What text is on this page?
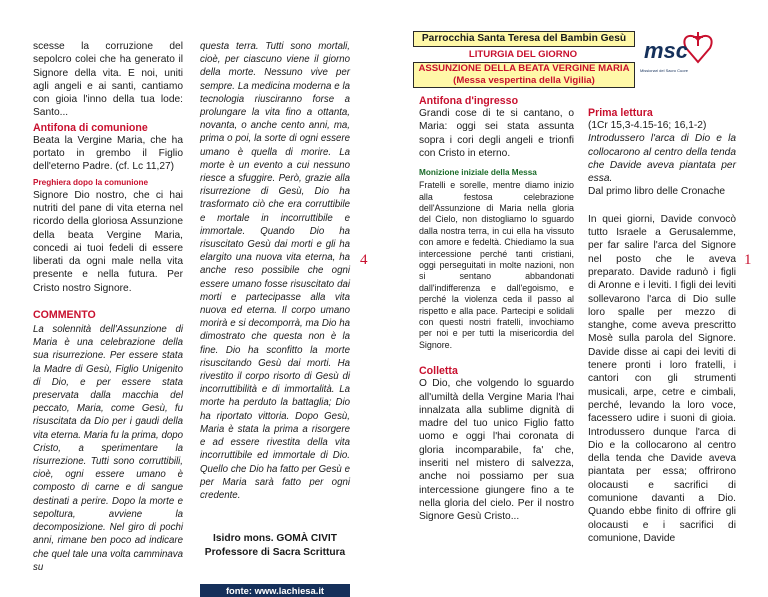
scesse la corruzione del sepolcro colei che ha generato il Signore della vita. E noi, uniti agli angeli e ai santi, cantiamo con gioia l'inno della tua lode: Santo...

Antifona di comunione

Beata la Vergine Maria, che ha portato in grembo il Figlio dell'eterno Padre. (cf. Lc 11,27)

Preghiera dopo la comunione

Signore Dio nostro, che ci hai nutriti del pane di vita eterna nel ricordo della gloriosa Assunzione della beata Vergine Maria, concedi ai tuoi fedeli di essere liberati da ogni male nella vita presente e nella futura. Per Cristo nostro Signore.

COMMENTO

La solennità dell'Assunzione di Maria è una celebrazione della sua risurrezione. Per essere stata la Madre di Gesù, Figlio Unigenito di Dio, e per essere stata preservata dalla macchia del peccato, Maria, come Gesù, fu risuscitata da Dio per i gaudi della vita eterna. Maria fu la prima, dopo Cristo, a sperimentare la risurrezione. Tutti sono corruttibili, cioè, ogni essere umano è composto di carne e di sangue destinati a perire. Dopo la morte e sepoltura, avviene la decomposizione. Nel giro di pochi anni, rimane ben poco ad indicare che quel tale una volta camminava su

questa terra. Tutti sono mortali, cioè, per ciascuno viene il giorno della morte. Nessuno vive per sempre. La medicina moderna e la tecnologia riusciranno forse a prolungare la vita fino a ottanta, novanta, o anche cento anni, ma, prima o poi, la sorte di ogni essere umano è quella di morire. La morte è un evento a cui nessuno riesce a sfuggire. Però, grazie alla risurrezione di Gesù, Dio ha trasformato ciò che era corruttibile e mortale in incorruttibile e immortale. Quando Dio ha risuscitato Gesù dai morti e gli ha elargito una nuova vita eterna, ha anche reso possibile che ogni essere umano fosse risuscitato dai morti e partecipasse alla vita nuova ed eterna. Il corpo umano morirà e si decomporrà, ma Dio ha dimostrato che questa non è la fine. Dio ha sconfitto la morte risuscitando Gesù dai morti. Ha rivestito il corpo risorto di Gesù di incorruttibilità e di immortalità. La morte ha perduto la battaglia; Dio ha riportato vittoria. Dopo Gesù, Maria è stata la prima a risorgere e ad essere rivestita della vita incorruttibile ed immortale di Dio. Quello che Dio ha fatto per Gesù e per Maria sarà fatto per ogni credente.

Isidro mons. GOMÀ CIVIT

Professore di Sacra Scrittura

fonte: www.lachiesa.it
4
Parrocchia Santa Teresa del Bambin Gesù
LITURGIA DEL GIORNO
ASSUNZIONE DELLA BEATA VERGINE MARIA
(Messa vespertina della Vigilia)
msc
Missionari del Sacro Cuore

Antifona d'ingresso

Grandi cose di te si cantano, o Maria: oggi sei stata assunta sopra i cori degli angeli e trionfi con Cristo in eterno.

Monizione iniziale della Messa

Fratelli e sorelle, mentre diamo inizio alla festosa celebrazione dell'Assunzione di Maria nella gloria del Cielo, non distogliamo lo sguardo dalla nostra terra, in cui ella ha vissuto con amore e fedeltà. Chiediamo la sua intercessione perché tanti cristiani, oggi perseguitati in molte nazioni, non si sentano abbandonati dall'indifferenza e dall'egoismo, e perché la violenza ceda il passo al rispetto e alla pace. Partecipi e solidali con questi nostri fratelli, invochiamo per noi e per tutti la misericordia del Signore.

Colletta

O Dio, che volgendo lo sguardo all'umiltà della Vergine Maria l'hai innalzata alla sublime dignità di madre del tuo unico Figlio fatto uomo e oggi l'hai coronata di gloria incomparabile, fa' che, inseriti nel mistero di salvezza, anche noi possiamo per sua intercessione giungere fino a te nella gloria del cielo. Per il nostro Signore Gesù Cristo...

Prima lettura

(1Cr 15,3-4.15-16; 16,1-2)

Introdussero l'arca di Dio e la collocarono al centro della tenda che Davide aveva piantata per essa.

Dal primo libro delle Cronache

In quei giorni, Davide convocò tutto Israele a Gerusalemme, per far salire l'arca del Signore nel posto che le aveva preparato. Davide radunò i figli di Aronne e i leviti. I figli dei leviti sollevarono l'arca di Dio sulle loro spalle per mezzo di stanghe, come aveva prescritto Mosè sulla parola del Signore. Davide disse ai capi dei leviti di tenere pronti i loro fratelli, i cantori con gli strumenti musicali, arpe, cetre e cimbali, perché, levando la loro voce, facessero udire i suoni di gioia. Introdussero dunque l'arca di Dio e la collocarono al centro della tenda che Davide aveva piantata per essa; offrirono olocausti e sacrifici di comunione davanti a Dio. Quando ebbe finito di offrire gli olocausti e i sacrifici di comunione, Davide

1
